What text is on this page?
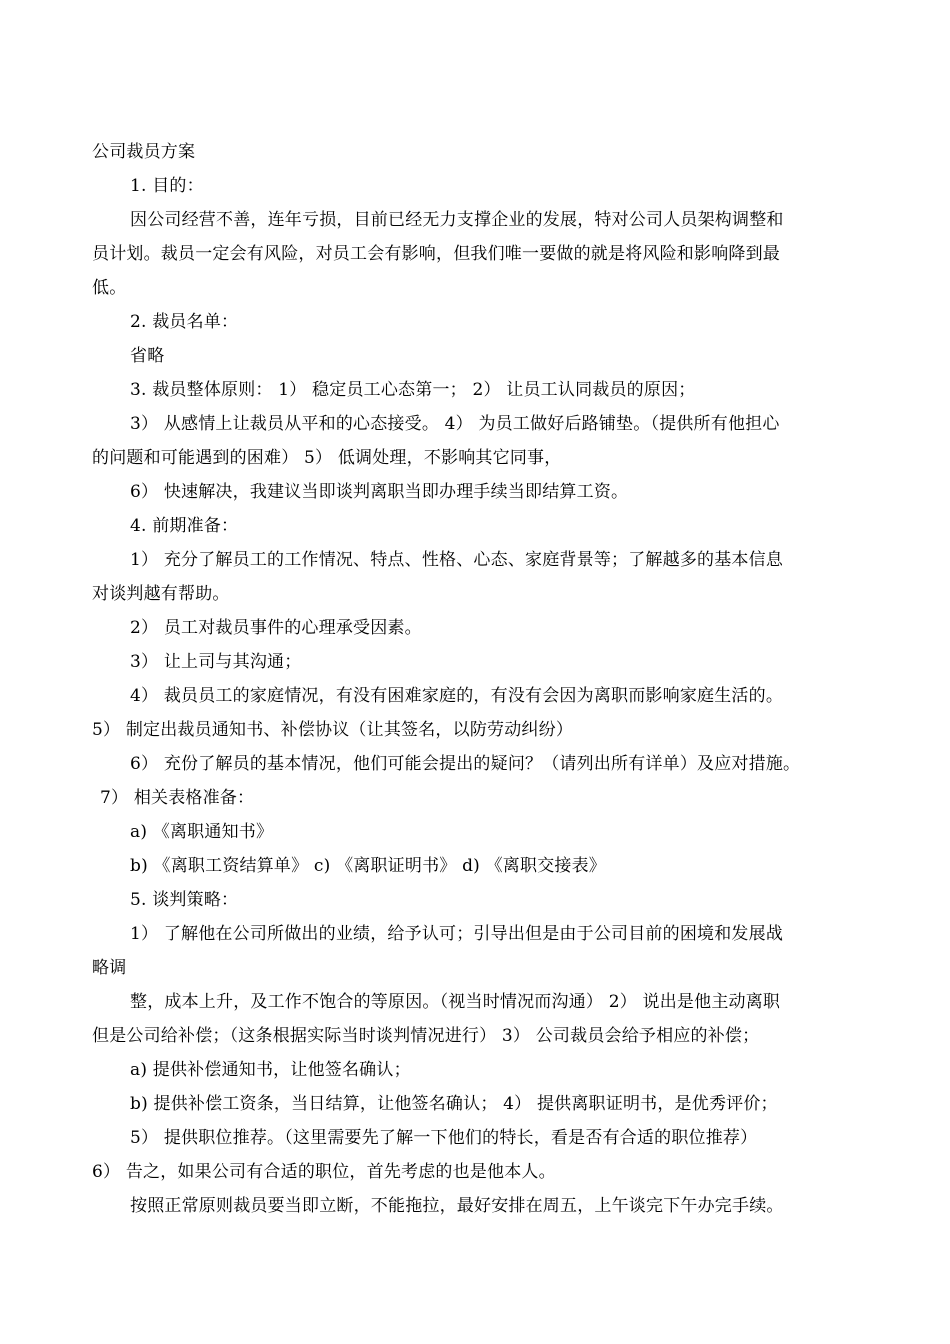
公司裁员方案
1. 目的：
因公司经营不善，连年亏损，目前已经无力支撑企业的发展，特对公司人员架构调整和
员计划。裁员一定会有风险，对员工会有影响，但我们唯一要做的就是将风险和影响降到最
低。
2. 裁员名单：
省略
3. 裁员整体原则： 1） 稳定员工心态第一； 2） 让员工认同裁员的原因；
3） 从感情上让裁员从平和的心态接受。 4） 为员工做好后路铺垫。（提供所有他担心
的问题和可能遇到的困难） 5） 低调处理，不影响其它同事，
6） 快速解决，我建议当即谈判离职当即办理手续当即结算工资。
4. 前期准备：
1） 充分了解员工的工作情况、特点、性格、心态、家庭背景等；了解越多的基本信息
对谈判越有帮助。
2） 员工对裁员事件的心理承受因素。
3） 让上司与其沟通；
4） 裁员员工的家庭情况，有没有困难家庭的，有没有会因为离职而影响家庭生活的。
5） 制定出裁员通知书、补偿协议（让其签名，以防劳动纠纷）
6） 充份了解员的基本情况，他们可能会提出的疑问？（请列出所有详单）及应对措施。
7） 相关表格准备：
a) 《离职通知书》
b) 《离职工资结算单》 c) 《离职证明书》 d) 《离职交接表》
5. 谈判策略：
1） 了解他在公司所做出的业绩，给予认可；引导出但是由于公司目前的困境和发展战
略调
整，成本上升，及工作不饱合的等原因。（视当时情况而沟通） 2） 说出是他主动离职
但是公司给补偿；（这条根据实际当时谈判情况进行） 3） 公司裁员会给予相应的补偿；
a) 提供补偿通知书，让他签名确认；
b) 提供补偿工资条，当日结算，让他签名确认； 4） 提供离职证明书，是优秀评价；
5） 提供职位推荐。（这里需要先了解一下他们的特长，看是否有合适的职位推荐）
6） 告之，如果公司有合适的职位，首先考虑的也是他本人。
按照正常原则裁员要当即立断，不能拖拉，最好安排在周五，上午谈完下午办完手续。
